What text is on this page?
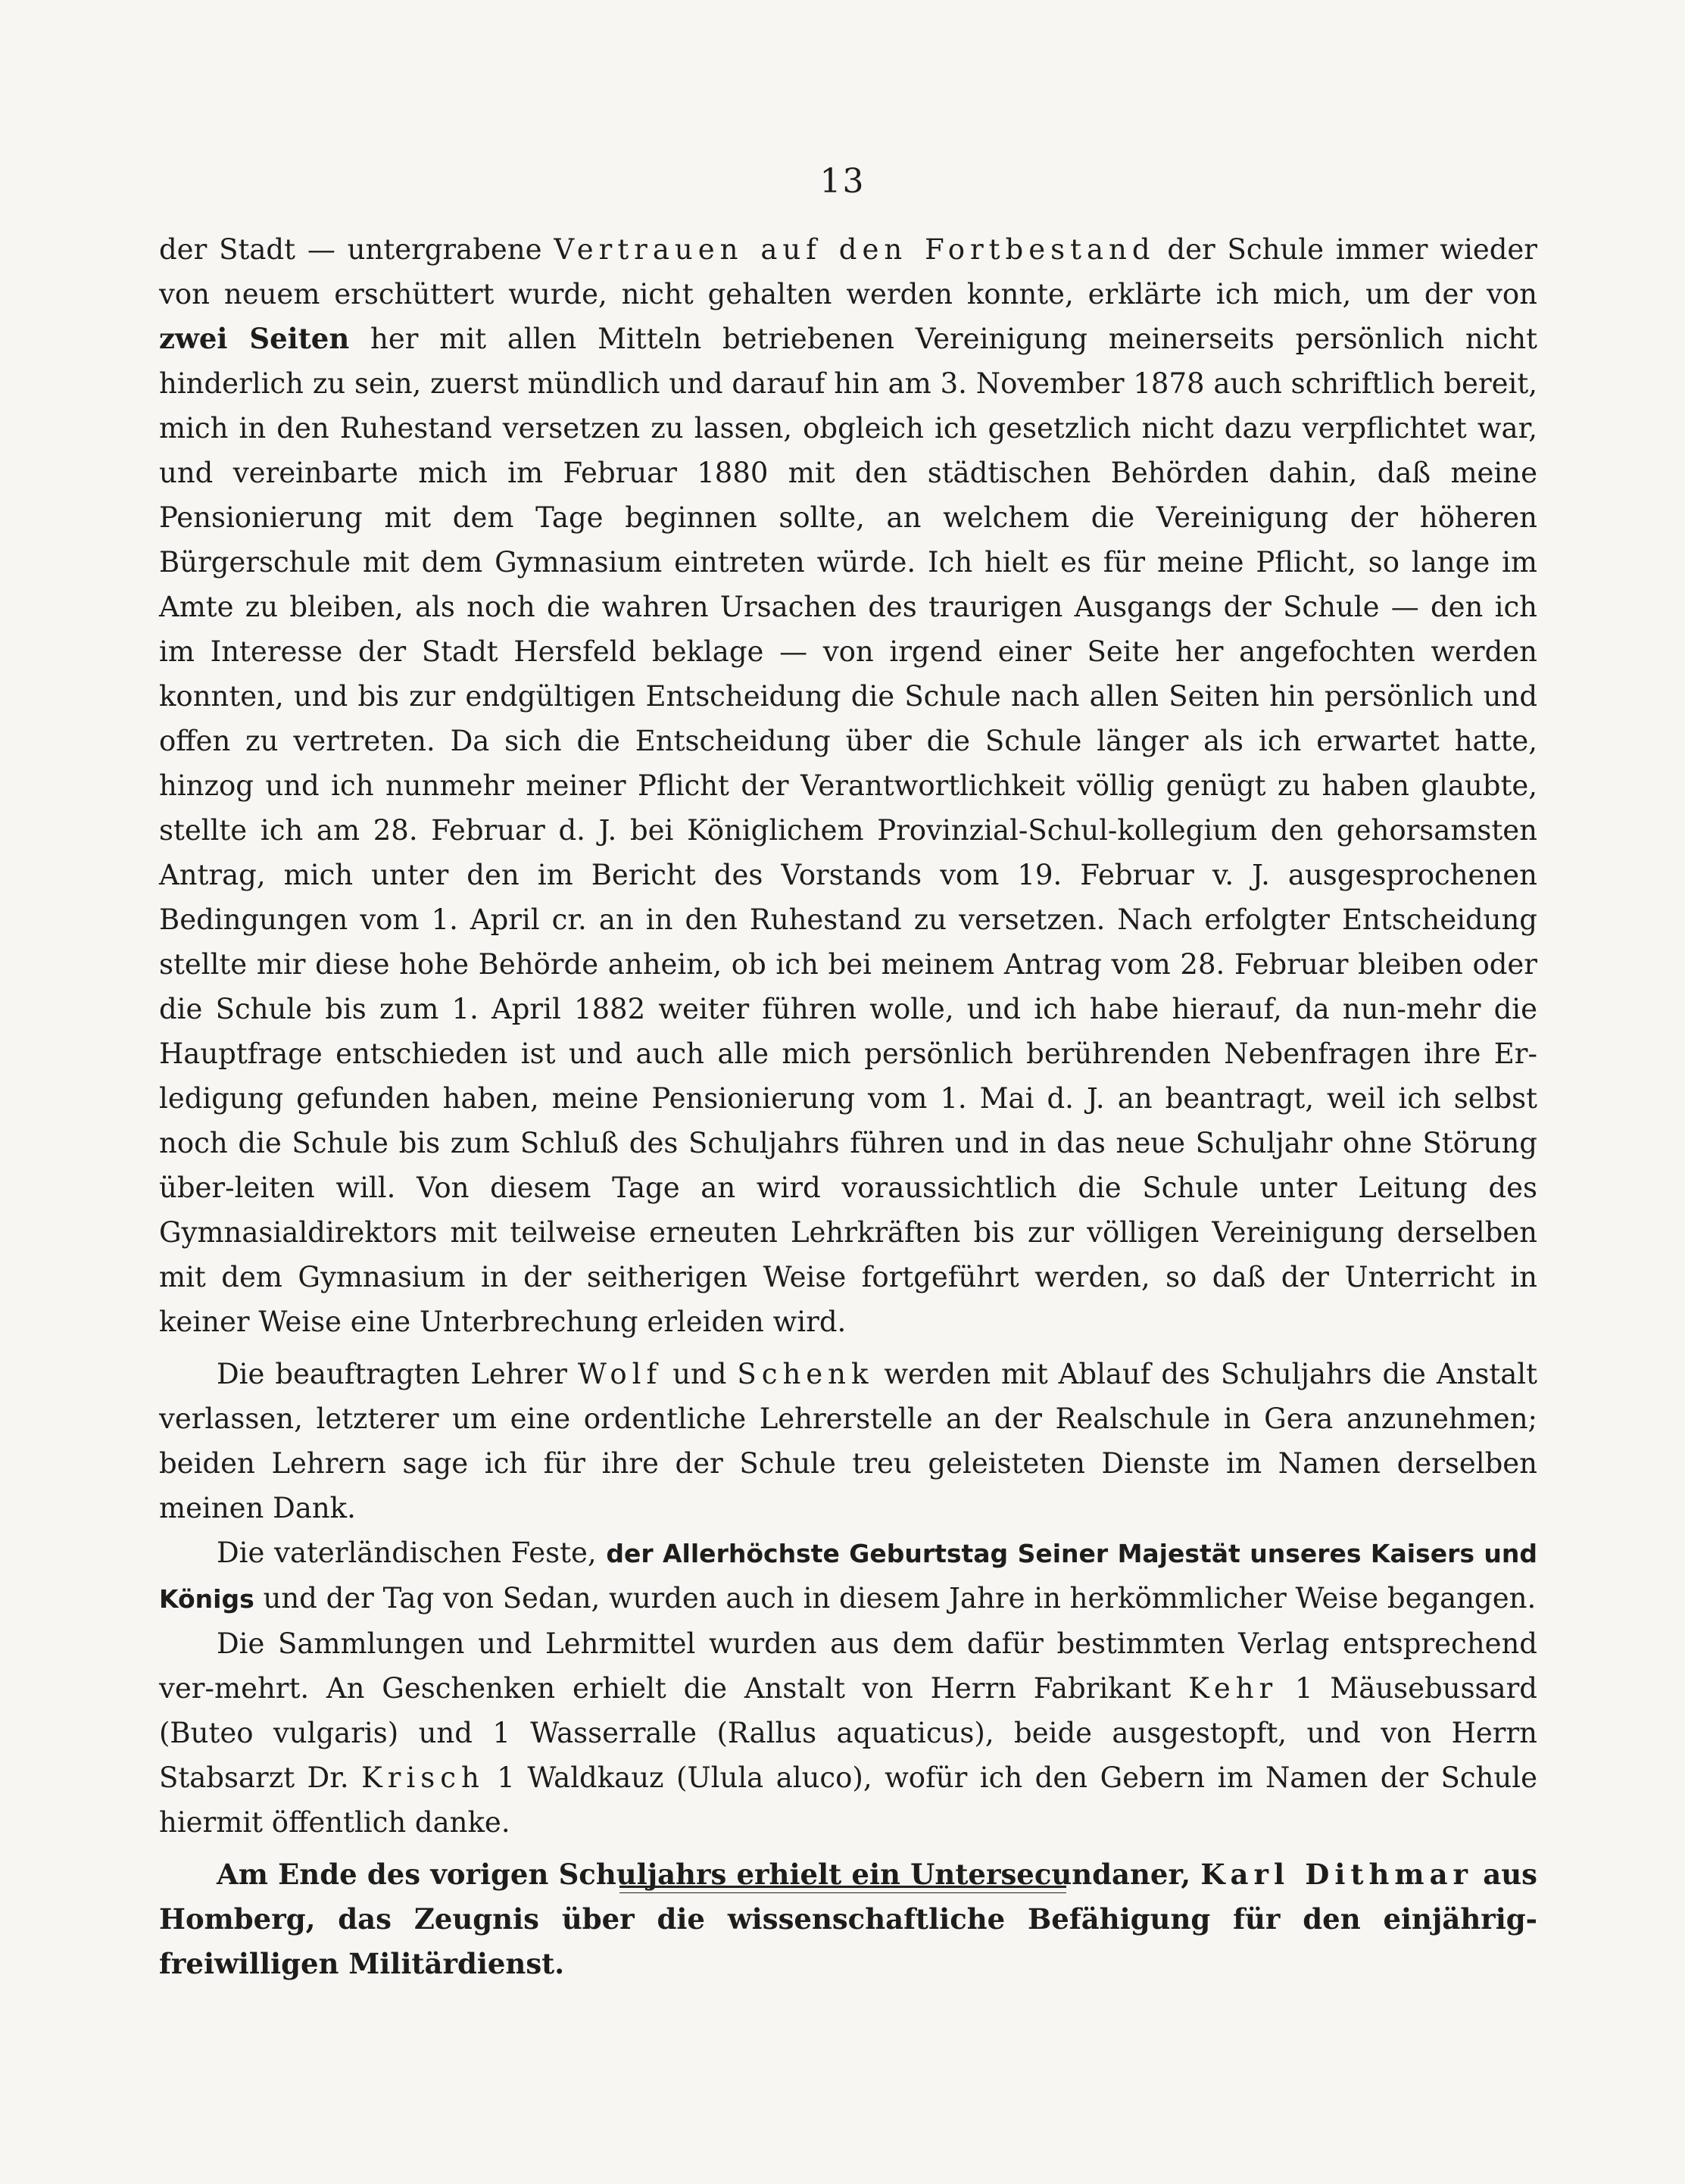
13

der Stadt — untergrabene Vertrauen auf den Fortbestand der Schule immer wieder von neuem erschüttert wurde, nicht gehalten werden konnte, erklärte ich mich, um der von zwei Seiten her mit allen Mitteln betriebenen Vereinigung meinerseits persönlich nicht hinderlich zu sein, zuerst mündlich und darauf hin am 3. November 1878 auch schriftlich bereit, mich in den Ruhestand versetzen zu lassen, obgleich ich gesetzlich nicht dazu verpflichtet war, und vereinbarte mich im Februar 1880 mit den städtischen Behörden dahin, daß meine Pensionierung mit dem Tage beginnen sollte, an welchem die Vereinigung der höheren Bürgerschule mit dem Gymnasium eintreten würde. Ich hielt es für meine Pflicht, so lange im Amte zu bleiben, als noch die wahren Ursachen des traurigen Ausgangs der Schule — den ich im Interesse der Stadt Hersfeld beklage — von irgend einer Seite her angefochten werden konnten, und bis zur endgültigen Entscheidung die Schule nach allen Seiten hin persönlich und offen zu vertreten. Da sich die Entscheidung über die Schule länger als ich erwartet hatte, hinzog und ich nunmehr meiner Pflicht der Verantwortlichkeit völlig genügt zu haben glaubte, stellte ich am 28. Februar d. J. bei Königlichem Provinzial-Schul-kollegium den gehorsamsten Antrag, mich unter den im Bericht des Vorstands vom 19. Februar v. J. ausgesprochenen Bedingungen vom 1. April cr. an in den Ruhestand zu versetzen. Nach erfolgter Entscheidung stellte mir diese hohe Behörde anheim, ob ich bei meinem Antrag vom 28. Februar bleiben oder die Schule bis zum 1. April 1882 weiter führen wolle, und ich habe hierauf, da nun-mehr die Hauptfrage entschieden ist und auch alle mich persönlich berührenden Nebenfragen ihre Er-ledigung gefunden haben, meine Pensionierung vom 1. Mai d. J. an beantragt, weil ich selbst noch die Schule bis zum Schluß des Schuljahrs führen und in das neue Schuljahr ohne Störung über-leiten will. Von diesem Tage an wird voraussichtlich die Schule unter Leitung des Gymnasialdirektors mit teilweise erneuten Lehrkräften bis zur völligen Vereinigung derselben mit dem Gymnasium in der seitherigen Weise fortgeführt werden, so daß der Unterricht in keiner Weise eine Unterbrechung erleiden wird.

Die beauftragten Lehrer Wolf und Schenk werden mit Ablauf des Schuljahrs die Anstalt verlassen, letzterer um eine ordentliche Lehrerstelle an der Realschule in Gera anzunehmen; beiden Lehrern sage ich für ihre der Schule treu geleisteten Dienste im Namen derselben meinen Dank.

Die vaterländischen Feste, der Allerhöchste Geburtstag Seiner Majestät unseres Kaisers und Königs und der Tag von Sedan, wurden auch in diesem Jahre in herkömmlicher Weise begangen.

Die Sammlungen und Lehrmittel wurden aus dem dafür bestimmten Verlag entsprechend ver-mehrt. An Geschenken erhielt die Anstalt von Herrn Fabrikant Kehr 1 Mäusebussard (Buteo vulgaris) und 1 Wasserralle (Rallus aquaticus), beide ausgestopft, und von Herrn Stabsarzt Dr. Krisch 1 Waldkauz (Ulula aluco), wofür ich den Gebern im Namen der Schule hiermit öffentlich danke.

Am Ende des vorigen Schuljahrs erhielt ein Untersecundaner, Karl Dithmar aus Homberg, das Zeugnis über die wissenschaftliche Befähigung für den einjährig-freiwilligen Militärdienst.
